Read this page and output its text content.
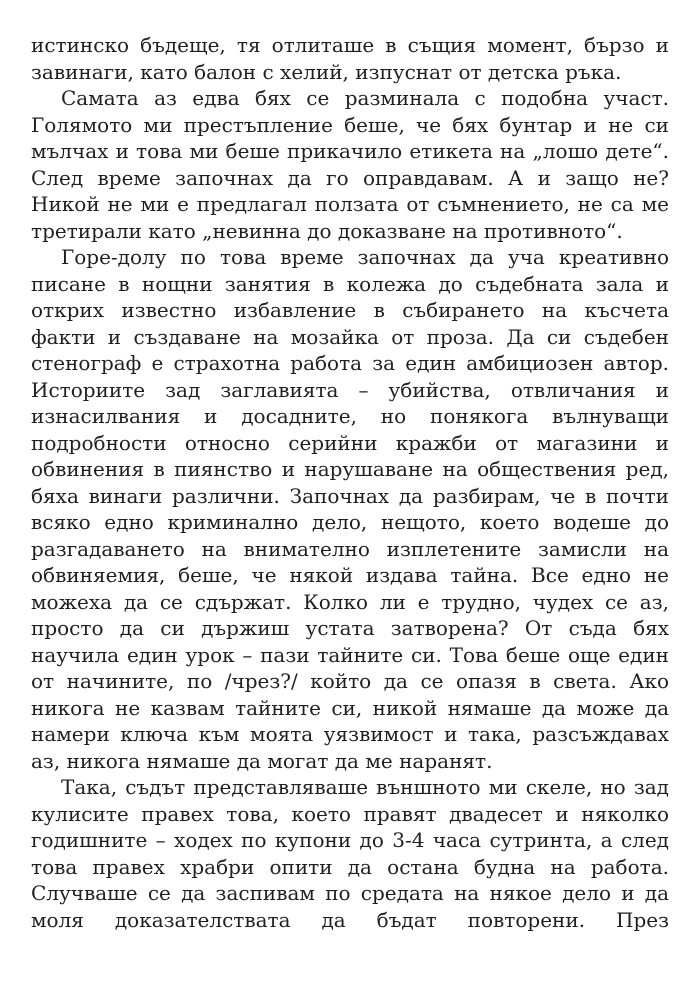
истинско бъдеще, тя отлиташе в същия момент, бързо и завинаги, като балон с хелий, изпуснат от детска ръка.

Самата аз едва бях се разминала с подобна участ. Голямото ми престъпление беше, че бях бунтар и не си мълчах и това ми беше прикачило етикета на „лошо дете“. След време започнах да го оправдавам. А и защо не? Никой не ми е предлагал ползата от съмнението, не са ме третирали като „невинна до доказване на противното“.

Горе-долу по това време започнах да уча креативно писане в нощни занятия в колежа до съдебната зала и открих известно избавление в събирането на късчета факти и създаване на мозайка от проза. Да си съдебен стенограф е страхотна работа за един амбициозен автор. Историите зад заглавията – убийства, отвличания и изнасилвания и досадните, но понякога вълнуващи подробности относно серийни кражби от магазини и обвинения в пиянство и нарушаване на обществения ред, бяха винаги различни. Започнах да разбирам, че в почти всяко едно криминално дело, нещото, което водеше до разгадаването на внимателно изплетените замисли на обвиняемия, беше, че някой издава тайна. Все едно не можеха да се сдържат. Колко ли е трудно, чудех се аз, просто да си държиш устата затворена? От съда бях научила един урок – пази тайните си. Това беше още един от начините, по /чрез?/ който да се опазя в света. Ако никога не казвам тайните си, никой нямаше да може да намери ключа към моята уязвимост и така, разсъждавах аз, никога нямаше да могат да ме наранят.

Така, съдът представляваше външното ми скеле, но зад кулисите правех това, което правят двадесет и няколко годишните – ходех по купони до 3-4 часа сутринта, а след това правех храбри опити да остана будна на работа. Случваше се да заспивам по средата на някое дело и да моля доказателствата да бъдат повторени. През
